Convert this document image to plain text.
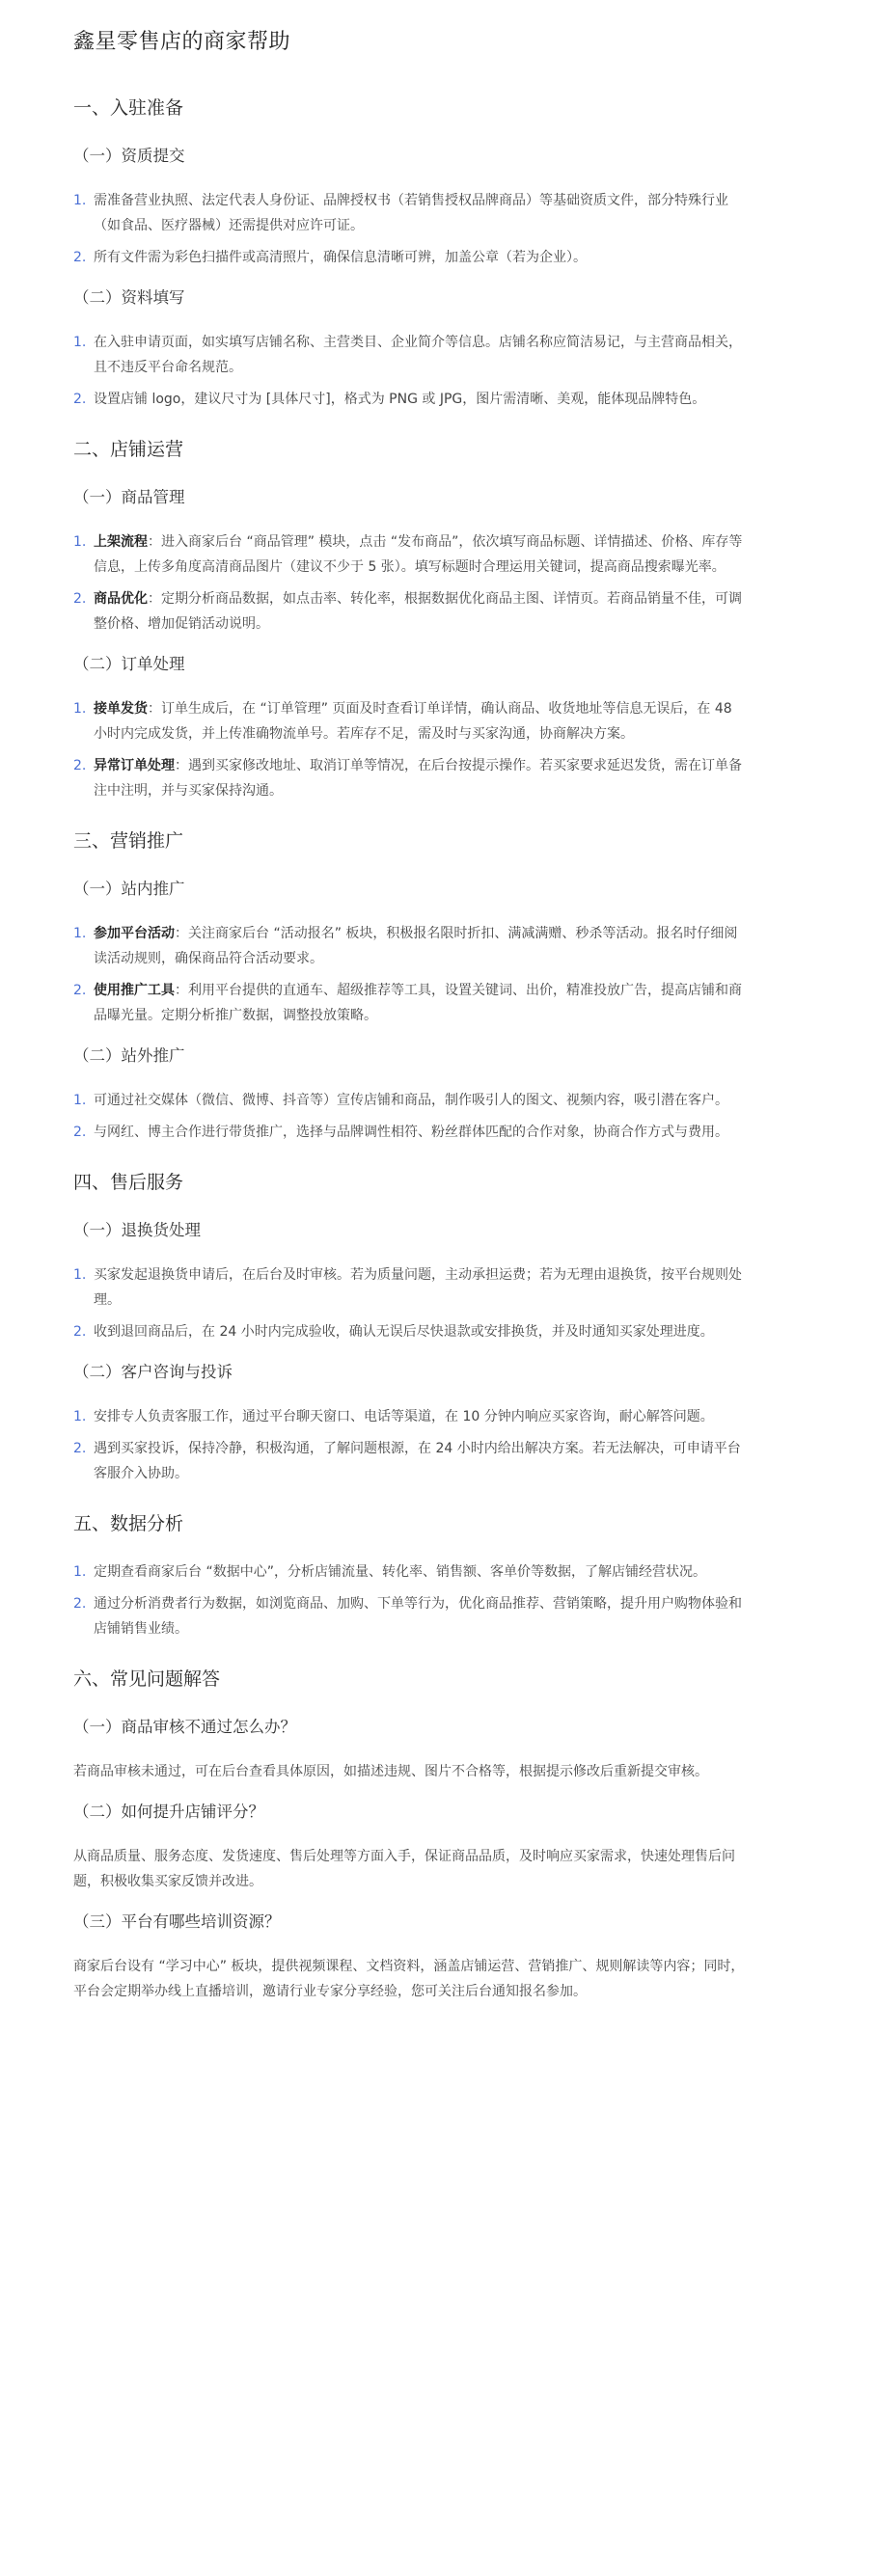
鑫星零售店的商家帮助
一、入驻准备
（一）资质提交
1. 需准备营业执照、法定代表人身份证、品牌授权书（若销售授权品牌商品）等基础资质文件，部分特殊行业（如食品、医疗器械）还需提供对应许可证。
2. 所有文件需为彩色扫描件或高清照片，确保信息清晰可辨，加盖公章（若为企业）。
（二）资料填写
1. 在入驻申请页面，如实填写店铺名称、主营类目、企业简介等信息。店铺名称应简洁易记，与主营商品相关，且不违反平台命名规范。
2. 设置店铺 logo，建议尺寸为 [具体尺寸]，格式为 PNG 或 JPG，图片需清晰、美观，能体现品牌特色。
二、店铺运营
（一）商品管理
1. 上架流程：进入商家后台 “商品管理” 模块，点击 “发布商品”，依次填写商品标题、详情描述、价格、库存等信息，上传多角度高清商品图片（建议不少于 5 张）。填写标题时合理运用关键词，提高商品搜索曝光率。
2. 商品优化：定期分析商品数据，如点击率、转化率，根据数据优化商品主图、详情页。若商品销量不佳，可调整价格、增加促销活动说明。
（二）订单处理
1. 接单发货：订单生成后，在 “订单管理” 页面及时查看订单详情，确认商品、收货地址等信息无误后，在 48 小时内完成发货，并上传准确物流单号。若库存不足，需及时与买家沟通，协商解决方案。
2. 异常订单处理：遇到买家修改地址、取消订单等情况，在后台按提示操作。若买家要求延迟发货，需在订单备注中注明，并与买家保持沟通。
三、营销推广
（一）站内推广
1. 参加平台活动：关注商家后台 “活动报名” 板块，积极报名限时折扣、满减满赠、秒杀等活动。报名时仔细阅读活动规则，确保商品符合活动要求。
2. 使用推广工具：利用平台提供的直通车、超级推荐等工具，设置关键词、出价，精准投放广告，提高店铺和商品曝光量。定期分析推广数据，调整投放策略。
（二）站外推广
1. 可通过社交媒体（微信、微博、抖音等）宣传店铺和商品，制作吸引人的图文、视频内容，吸引潜在客户。
2. 与网红、博主合作进行带货推广，选择与品牌调性相符、粉丝群体匹配的合作对象，协商合作方式与费用。
四、售后服务
（一）退换货处理
1. 买家发起退换货申请后，在后台及时审核。若为质量问题，主动承担运费；若为无理由退换货，按平台规则处理。
2. 收到退回商品后，在 24 小时内完成验收，确认无误后尽快退款或安排换货，并及时通知买家处理进度。
（二）客户咨询与投诉
1. 安排专人负责客服工作，通过平台聊天窗口、电话等渠道，在 10 分钟内响应买家咨询，耐心解答问题。
2. 遇到买家投诉，保持冷静，积极沟通，了解问题根源，在 24 小时内给出解决方案。若无法解决，可申请平台客服介入协助。
五、数据分析
1. 定期查看商家后台 “数据中心”，分析店铺流量、转化率、销售额、客单价等数据，了解店铺经营状况。
2. 通过分析消费者行为数据，如浏览商品、加购、下单等行为，优化商品推荐、营销策略，提升用户购物体验和店铺销售业绩。
六、常见问题解答
（一）商品审核不通过怎么办？

若商品审核未通过，可在后台查看具体原因，如描述违规、图片不合格等，根据提示修改后重新提交审核。

（二）如何提升店铺评分？

从商品质量、服务态度、发货速度、售后处理等方面入手，保证商品品质，及时响应买家需求，快速处理售后问题，积极收集买家反馈并改进。

（三）平台有哪些培训资源？

商家后台设有 “学习中心” 板块，提供视频课程、文档资料，涵盖店铺运营、营销推广、规则解读等内容；同时，平台会定期举办线上直播培训，邀请行业专家分享经验，您可关注后台通知报名参加。
